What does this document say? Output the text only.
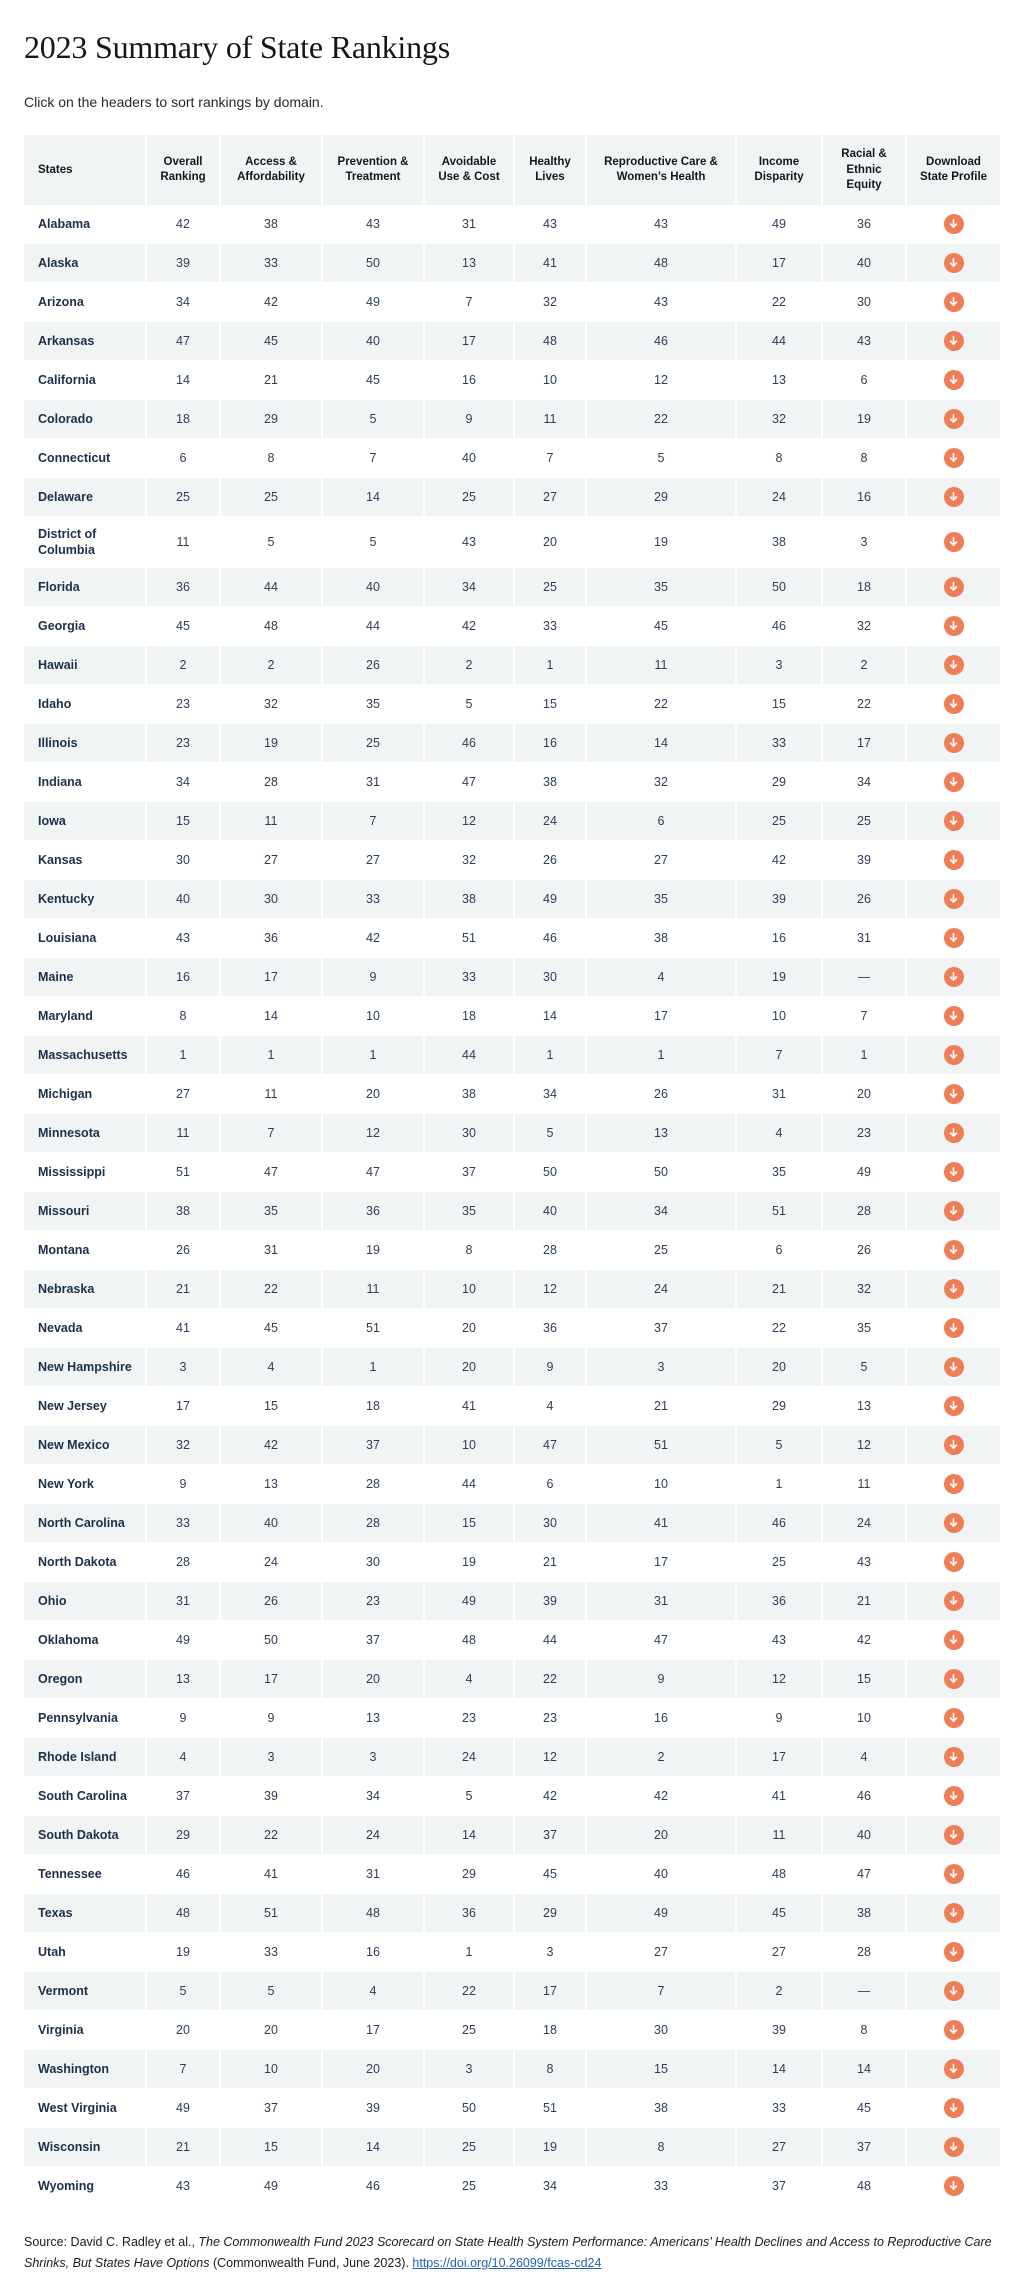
2023 Summary of State Rankings

Click on the headers to sort rankings by domain.

States	Overall Ranking	Access & Affordability	Prevention & Treatment	Avoidable Use & Cost	Healthy Lives	Reproductive Care & Women’s Health	Income Disparity	Racial & Ethnic Equity	Download State Profile
Alabama	42	38	43	31	43	43	49	36	

Alaska	39	33	50	13	41	48	17	40	

Arizona	34	42	49	7	32	43	22	30	

Arkansas	47	45	40	17	48	46	44	43	

California	14	21	45	16	10	12	13	6	

Colorado	18	29	5	9	11	22	32	19	

Connecticut	6	8	7	40	7	5	8	8	

Delaware	25	25	14	25	27	29	24	16	

District of Columbia	11	5	5	43	20	19	38	3	

Florida	36	44	40	34	25	35	50	18	

Georgia	45	48	44	42	33	45	46	32	

Hawaii	2	2	26	2	1	11	3	2	

Idaho	23	32	35	5	15	22	15	22	

Illinois	23	19	25	46	16	14	33	17	

Indiana	34	28	31	47	38	32	29	34	

Iowa	15	11	7	12	24	6	25	25	

Kansas	30	27	27	32	26	27	42	39	

Kentucky	40	30	33	38	49	35	39	26	

Louisiana	43	36	42	51	46	38	16	31	

Maine	16	17	9	33	30	4	19	—	

Maryland	8	14	10	18	14	17	10	7	

Massachusetts	1	1	1	44	1	1	7	1	

Michigan	27	11	20	38	34	26	31	20	

Minnesota	11	7	12	30	5	13	4	23	

Mississippi	51	47	47	37	50	50	35	49	

Missouri	38	35	36	35	40	34	51	28	

Montana	26	31	19	8	28	25	6	26	

Nebraska	21	22	11	10	12	24	21	32	

Nevada	41	45	51	20	36	37	22	35	

New Hampshire	3	4	1	20	9	3	20	5	

New Jersey	17	15	18	41	4	21	29	13	

New Mexico	32	42	37	10	47	51	5	12	

New York	9	13	28	44	6	10	1	11	

North Carolina	33	40	28	15	30	41	46	24	

North Dakota	28	24	30	19	21	17	25	43	

Ohio	31	26	23	49	39	31	36	21	

Oklahoma	49	50	37	48	44	47	43	42	

Oregon	13	17	20	4	22	9	12	15	

Pennsylvania	9	9	13	23	23	16	9	10	

Rhode Island	4	3	3	24	12	2	17	4	

South Carolina	37	39	34	5	42	42	41	46	

South Dakota	29	22	24	14	37	20	11	40	

Tennessee	46	41	31	29	45	40	48	47	

Texas	48	51	48	36	29	49	45	38	

Utah	19	33	16	1	3	27	27	28	

Vermont	5	5	4	22	17	7	2	—	

Virginia	20	20	17	25	18	30	39	8	

Washington	7	10	20	3	8	15	14	14	

West Virginia	49	37	39	50	51	38	33	45	

Wisconsin	21	15	14	25	19	8	27	37	

Wyoming	43	49	46	25	34	33	37	48	

Source: David C. Radley et al., The Commonwealth Fund 2023 Scorecard on State Health System Performance: Americans’ Health Declines and Access to Reproductive Care Shrinks, But States Have Options (Commonwealth Fund, June 2023). https://doi.org/10.26099/fcas-cd24
